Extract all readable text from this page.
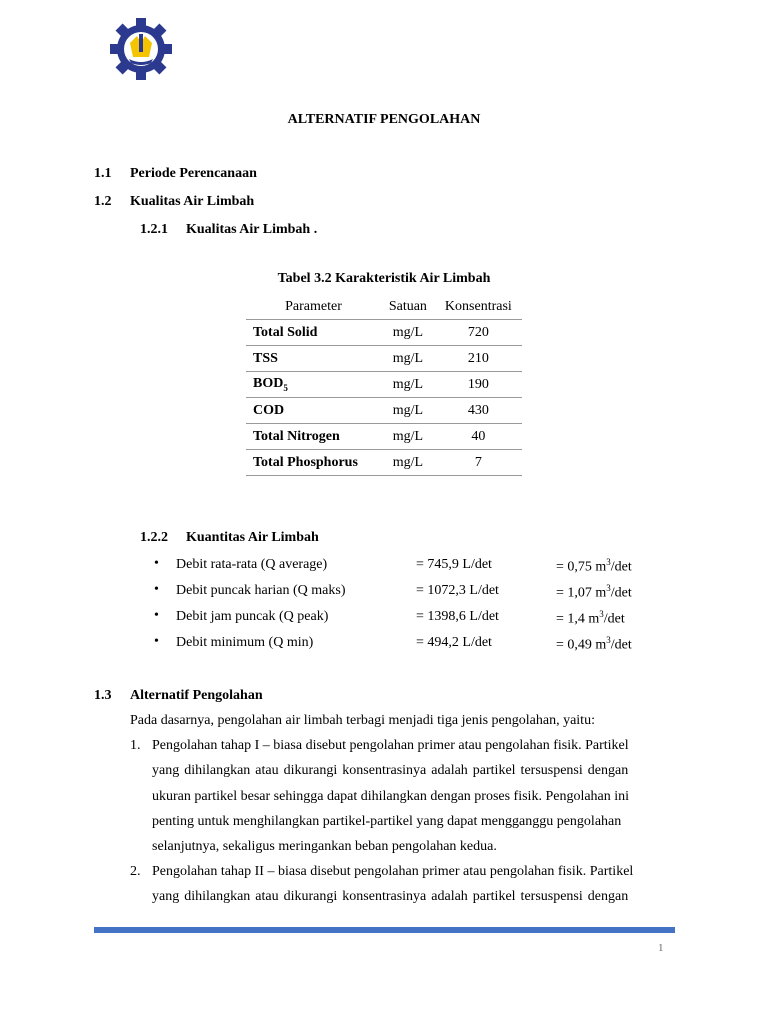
ALTERNATIF PENGOLAHAN
1.1 Periode Perencanaan
1.2 Kualitas Air Limbah
1.2.1 Kualitas Air Limbah .
Tabel 3.2 Karakteristik Air Limbah
Parameter	Satuan	Konsentrasi
Total Solid	mg/L	720
TSS	mg/L	210
$BOD_5$	mg/L	190
COD	mg/L	430
Total Nitrogen	mg/L	40
Total Phosphorus	mg/L	7
1.2.2 Kuantitas Air Limbah
• Debit rata-rata (Q average)	= 745,9 L/det	= 0,75 $m^3/\det$
• Debit puncak harian (Q maks)	= 1072,3 L/det	= 1,07 $m^3/\det$
• Debit jam puncak (Q peak)	= 1398,6 L/det	= 1,4 $m^3/\det$
• Debit minimum (Q min)	= 494,2 L/det	= 0,49 $m^3/\det$
1.3 Alternatif Pengolahan
Pada dasarnya, pengolahan air limbah terbagi menjadi tiga jenis pengolahan, yaitu:
1. Pengolahan tahap I – biasa disebut pengolahan primer atau pengolahan fisik. Partikel
yang dihilangkan atau dikurangi konsentrasinya adalah partikel tersuspensi dengan
ukuran partikel besar sehingga dapat dihilangkan dengan proses fisik. Pengolahan ini
penting untuk menghilangkan partikel-partikel yang dapat mengganggu pengolahan
selanjutnya, sekaligus meringankan beban pengolahan kedua.
2. Pengolahan tahap II – biasa disebut pengolahan primer atau pengolahan fisik. Partikel
yang dihilangkan atau dikurangi konsentrasinya adalah partikel tersuspensi dengan
1
